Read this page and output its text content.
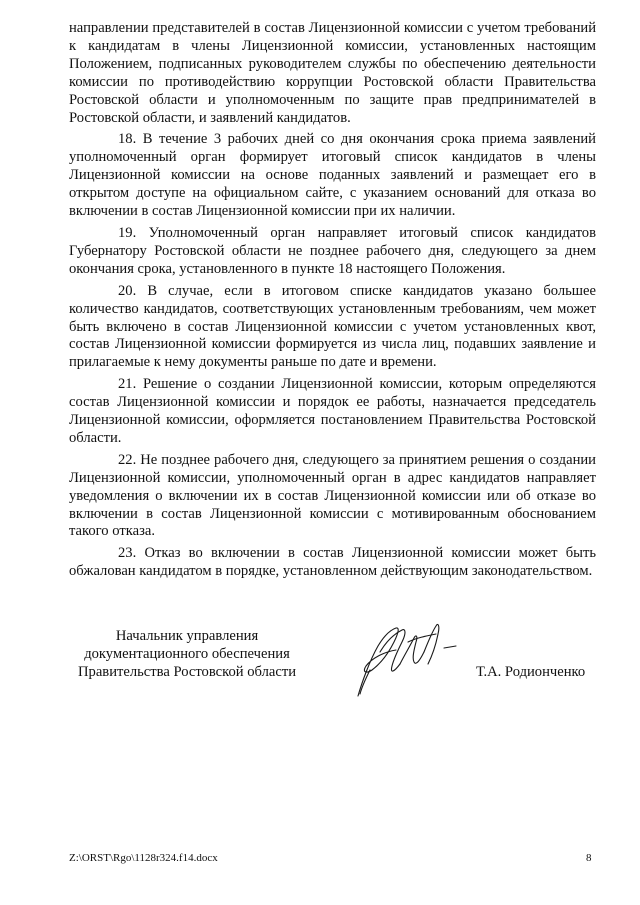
направлении представителей в состав Лицензионной комиссии с учетом требований к кандидатам в члены Лицензионной комиссии, установленных настоящим Положением, подписанных руководителем службы по обеспечению деятельности комиссии по противодействию коррупции Ростовской области Правительства Ростовской области и уполномоченным по защите прав предпринимателей в Ростовской области, и заявлений кандидатов.

18. В течение 3 рабочих дней со дня окончания срока приема заявлений уполномоченный орган формирует итоговый список кандидатов в члены Лицензионной комиссии на основе поданных заявлений и размещает его в открытом доступе на официальном сайте, с указанием оснований для отказа во включении в состав Лицензионной комиссии при их наличии.

19. Уполномоченный орган направляет итоговый список кандидатов Губернатору Ростовской области не позднее рабочего дня, следующего за днем окончания срока, установленного в пункте 18 настоящего Положения.

20. В случае, если в итоговом списке кандидатов указано большее количество кандидатов, соответствующих установленным требованиям, чем может быть включено в состав Лицензионной комиссии с учетом установленных квот, состав Лицензионной комиссии формируется из числа лиц, подавших заявление и прилагаемые к нему документы раньше по дате и времени.

21. Решение о создании Лицензионной комиссии, которым определяются состав Лицензионной комиссии и порядок ее работы, назначается председатель Лицензионной комиссии, оформляется постановлением Правительства Ростовской области.

22. Не позднее рабочего дня, следующего за принятием решения о создании Лицензионной комиссии, уполномоченный орган в адрес кандидатов направляет уведомления о включении их в состав Лицензионной комиссии или об отказе во включении в состав Лицензионной комиссии с мотивированным обоснованием такого отказа.

23. Отказ во включении в состав Лицензионной комиссии может быть обжалован кандидатом в порядке, установленном действующим законодательством.

Начальник управления
документационного обеспечения
Правительства Ростовской области	Т.А. Родионченко
Z:\ORST\Rgo\1128r324.f14.docx	8
